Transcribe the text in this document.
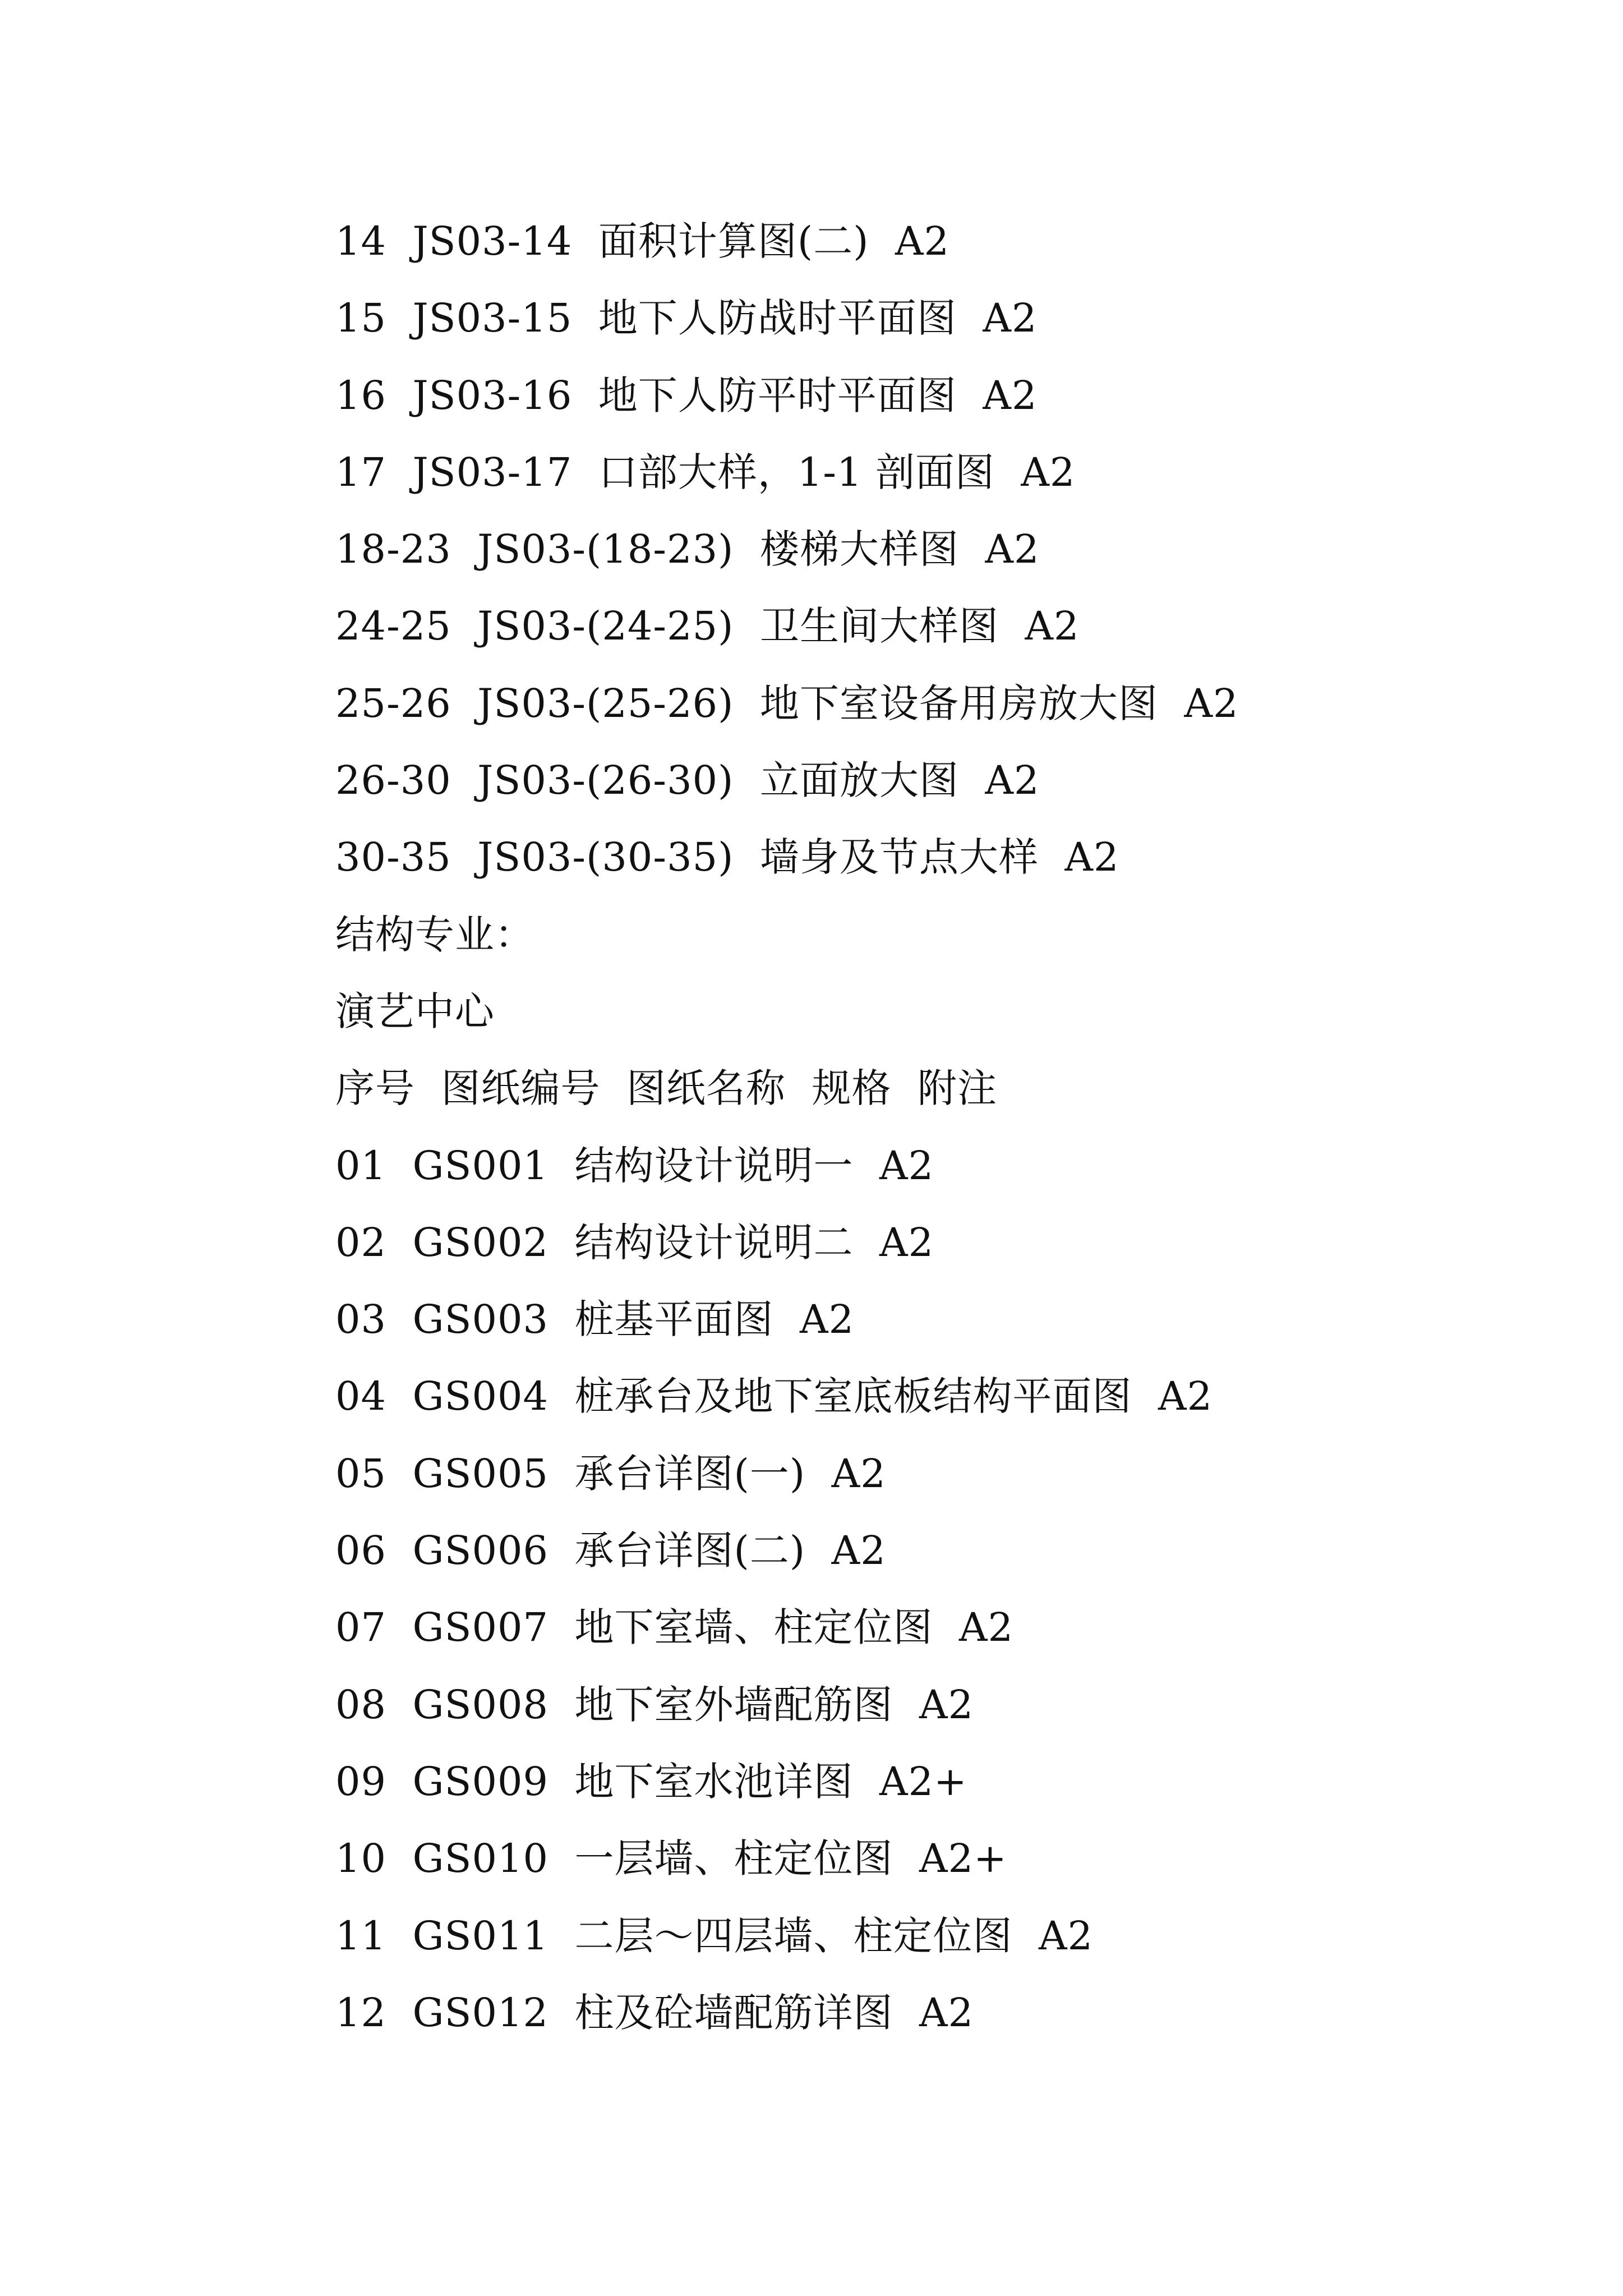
14  JS03-14  面积计算图(二)  A2
15  JS03-15  地下人防战时平面图  A2
16  JS03-16  地下人防平时平面图  A2
17  JS03-17  口部大样，1-1 剖面图  A2
18-23  JS03-(18-23)  楼梯大样图  A2
24-25  JS03-(24-25)  卫生间大样图  A2
25-26  JS03-(25-26)  地下室设备用房放大图  A2
26-30  JS03-(26-30)  立面放大图  A2
30-35  JS03-(30-35)  墙身及节点大样  A2
结构专业：
演艺中心
序号  图纸编号  图纸名称  规格  附注
01  GS001  结构设计说明一  A2
02  GS002  结构设计说明二  A2
03  GS003  桩基平面图  A2
04  GS004  桩承台及地下室底板结构平面图  A2
05  GS005  承台详图(一)  A2
06  GS006  承台详图(二)  A2
07  GS007  地下室墙、柱定位图  A2
08  GS008  地下室外墙配筋图  A2
09  GS009  地下室水池详图  A2+
10  GS010  一层墙、柱定位图  A2+
11  GS011  二层～四层墙、柱定位图  A2
12  GS012  柱及砼墙配筋详图  A2
